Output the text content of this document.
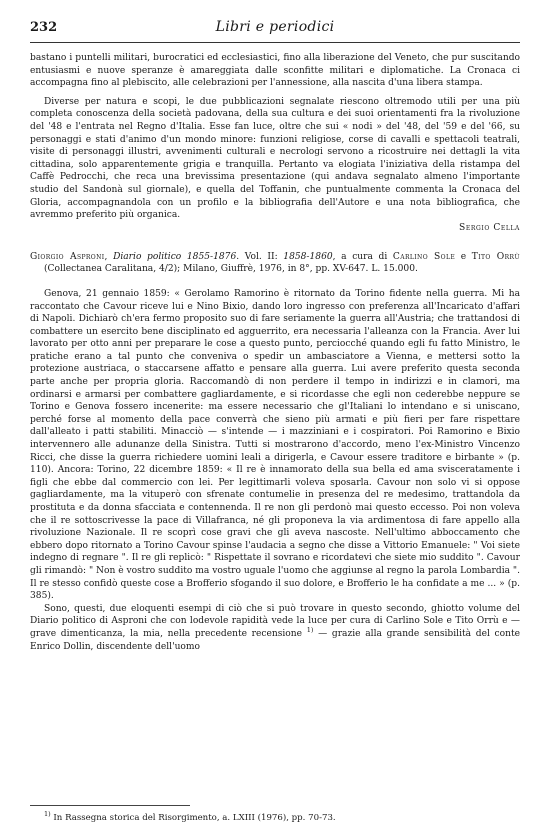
232	Libri e periodici

bastano i puntelli militari, burocratici ed ecclesiastici, fino alla liberazione del Veneto, che pur suscitando entusiasmi e nuove speranze è amareggiata dalle sconfitte militari e diplomatiche. La Cronaca ci accompagna fino al plebiscito, alle celebrazioni per l'annessione, alla nascita d'una libera stampa.

Diverse per natura e scopi, le due pubblicazioni segnalate riescono oltremodo utili per una più completa conoscenza della società padovana, della sua cultura e dei suoi orientamenti fra la rivoluzione del '48 e l'entrata nel Regno d'Italia. Esse fan luce, oltre che sui « nodi » del '48, del '59 e del '66, su personaggi e stati d'animo d'un mondo minore: funzioni religiose, corse di cavalli e spettacoli teatrali, visite di personaggi illustri, avvenimenti culturali e necrologi servono a ricostruire nei dettagli la vita cittadina, solo apparentemente grigia e tranquilla. Pertanto va elogiata l'iniziativa della ristampa del Caffè Pedrocchi, che reca una brevissima presentazione (qui andava segnalato almeno l'importante studio del Sandonà sul giornale), e quella del Toffanin, che puntualmente commenta la Cronaca del Gloria, accompagnandola con un profilo e la bibliografia dell'Autore e una nota bibliografica, che avremmo preferito più organica.

Sergio Cella

Giorgio Asproni, Diario politico 1855-1876. Vol. II: 1858-1860, a cura di Carlino Sole e Tito Orrù (Collectanea Caralitana, 4/2); Milano, Giuffrè, 1976, in 8°, pp. XV-647. L. 15.000.

Genova, 21 gennaio 1859: « Gerolamo Ramorino è ritornato da Torino fidente nella guerra. Mi ha raccontato che Cavour riceve lui e Nino Bixio, dando loro ingresso con preferenza all'Incaricato d'affari di Napoli. Dichiarò ch'era fermo proposito suo di fare seriamente la guerra all'Austria; che trattandosi di combattere un esercito bene disciplinato ed agguerrito, era necessaria l'alleanza con la Francia. Aver lui lavorato per otto anni per preparare le cose a questo punto, perciocché quando egli fu fatto Ministro, le pratiche erano a tal punto che conveniva o spedir un ambasciatore a Vienna, e mettersi sotto la protezione austriaca, o staccarsene affatto e pensare alla guerra. Lui avere preferito questa seconda parte anche per propria gloria. Raccomandò di non perdere il tempo in indirizzi e in clamori, ma ordinarsi e armarsi per combattere gagliardamente, e si ricordasse che egli non cederebbe neppure se Torino e Genova fossero incenerite: ma essere necessario che gl'Italiani lo intendano e si uniscano, perché forse al momento della pace converrà che sieno più armati e più fieri per fare rispettare dall'alleato i patti stabiliti. Minacciò — s'intende — i mazziniani e i cospiratori. Poi Ramorino e Bixio intervennero alle adunanze della Sinistra. Tutti si mostrarono d'accordo, meno l'ex-Ministro Vincenzo Ricci, che disse la guerra richiedere uomini leali a dirigerla, e Cavour essere traditore e birbante » (p. 110). Ancora: Torino, 22 dicembre 1859: « Il re è innamorato della sua bella ed ama svisceratamente i figli che ebbe dal commercio con lei. Per legittimarli voleva sposarla. Cavour non solo vi si oppose gagliardamente, ma la vituperò con sfrenate contumelie in presenza del re medesimo, trattandola da prostituta e da donna sfacciata e contennenda. Il re non gli perdonò mai questo eccesso. Poi non voleva che il re sottoscrivesse la pace di Villafranca, né gli proponeva la via ardimentosa di fare appello alla rivoluzione Nazionale. Il re scoprì cose gravi che gli aveva nascoste. Nell'ultimo abboccamento che ebbero dopo ritornato a Torino Cavour spinse l'audacia a segno che disse a Vittorio Emanuele: " Voi siete indegno di regnare ". Il re gli replicò: " Rispettate il sovrano e ricordatevi che siete mio suddito ". Cavour gli rimandò: " Non è vostro suddito ma vostro uguale l'uomo che aggiunse al regno la parola Lombardia ". Il re stesso confidò queste cose a Brofferio sfogando il suo dolore, e Brofferio le ha confidate a me ... » (p. 385).

Sono, questi, due eloquenti esempi di ciò che si può trovare in questo secondo, ghiotto volume del Diario politico di Asproni che con lodevole rapidità vede la luce per cura di Carlino Sole e Tito Orrù e — grave dimenticanza, la mia, nella precedente recensione $^{1)}$ — grazie alla grande sensibilità del conte Enrico Dollin, discendente dell'uomo

$^{1)}$ In Rassegna storica del Risorgimento, a. LXIII (1976), pp. 70-73.
